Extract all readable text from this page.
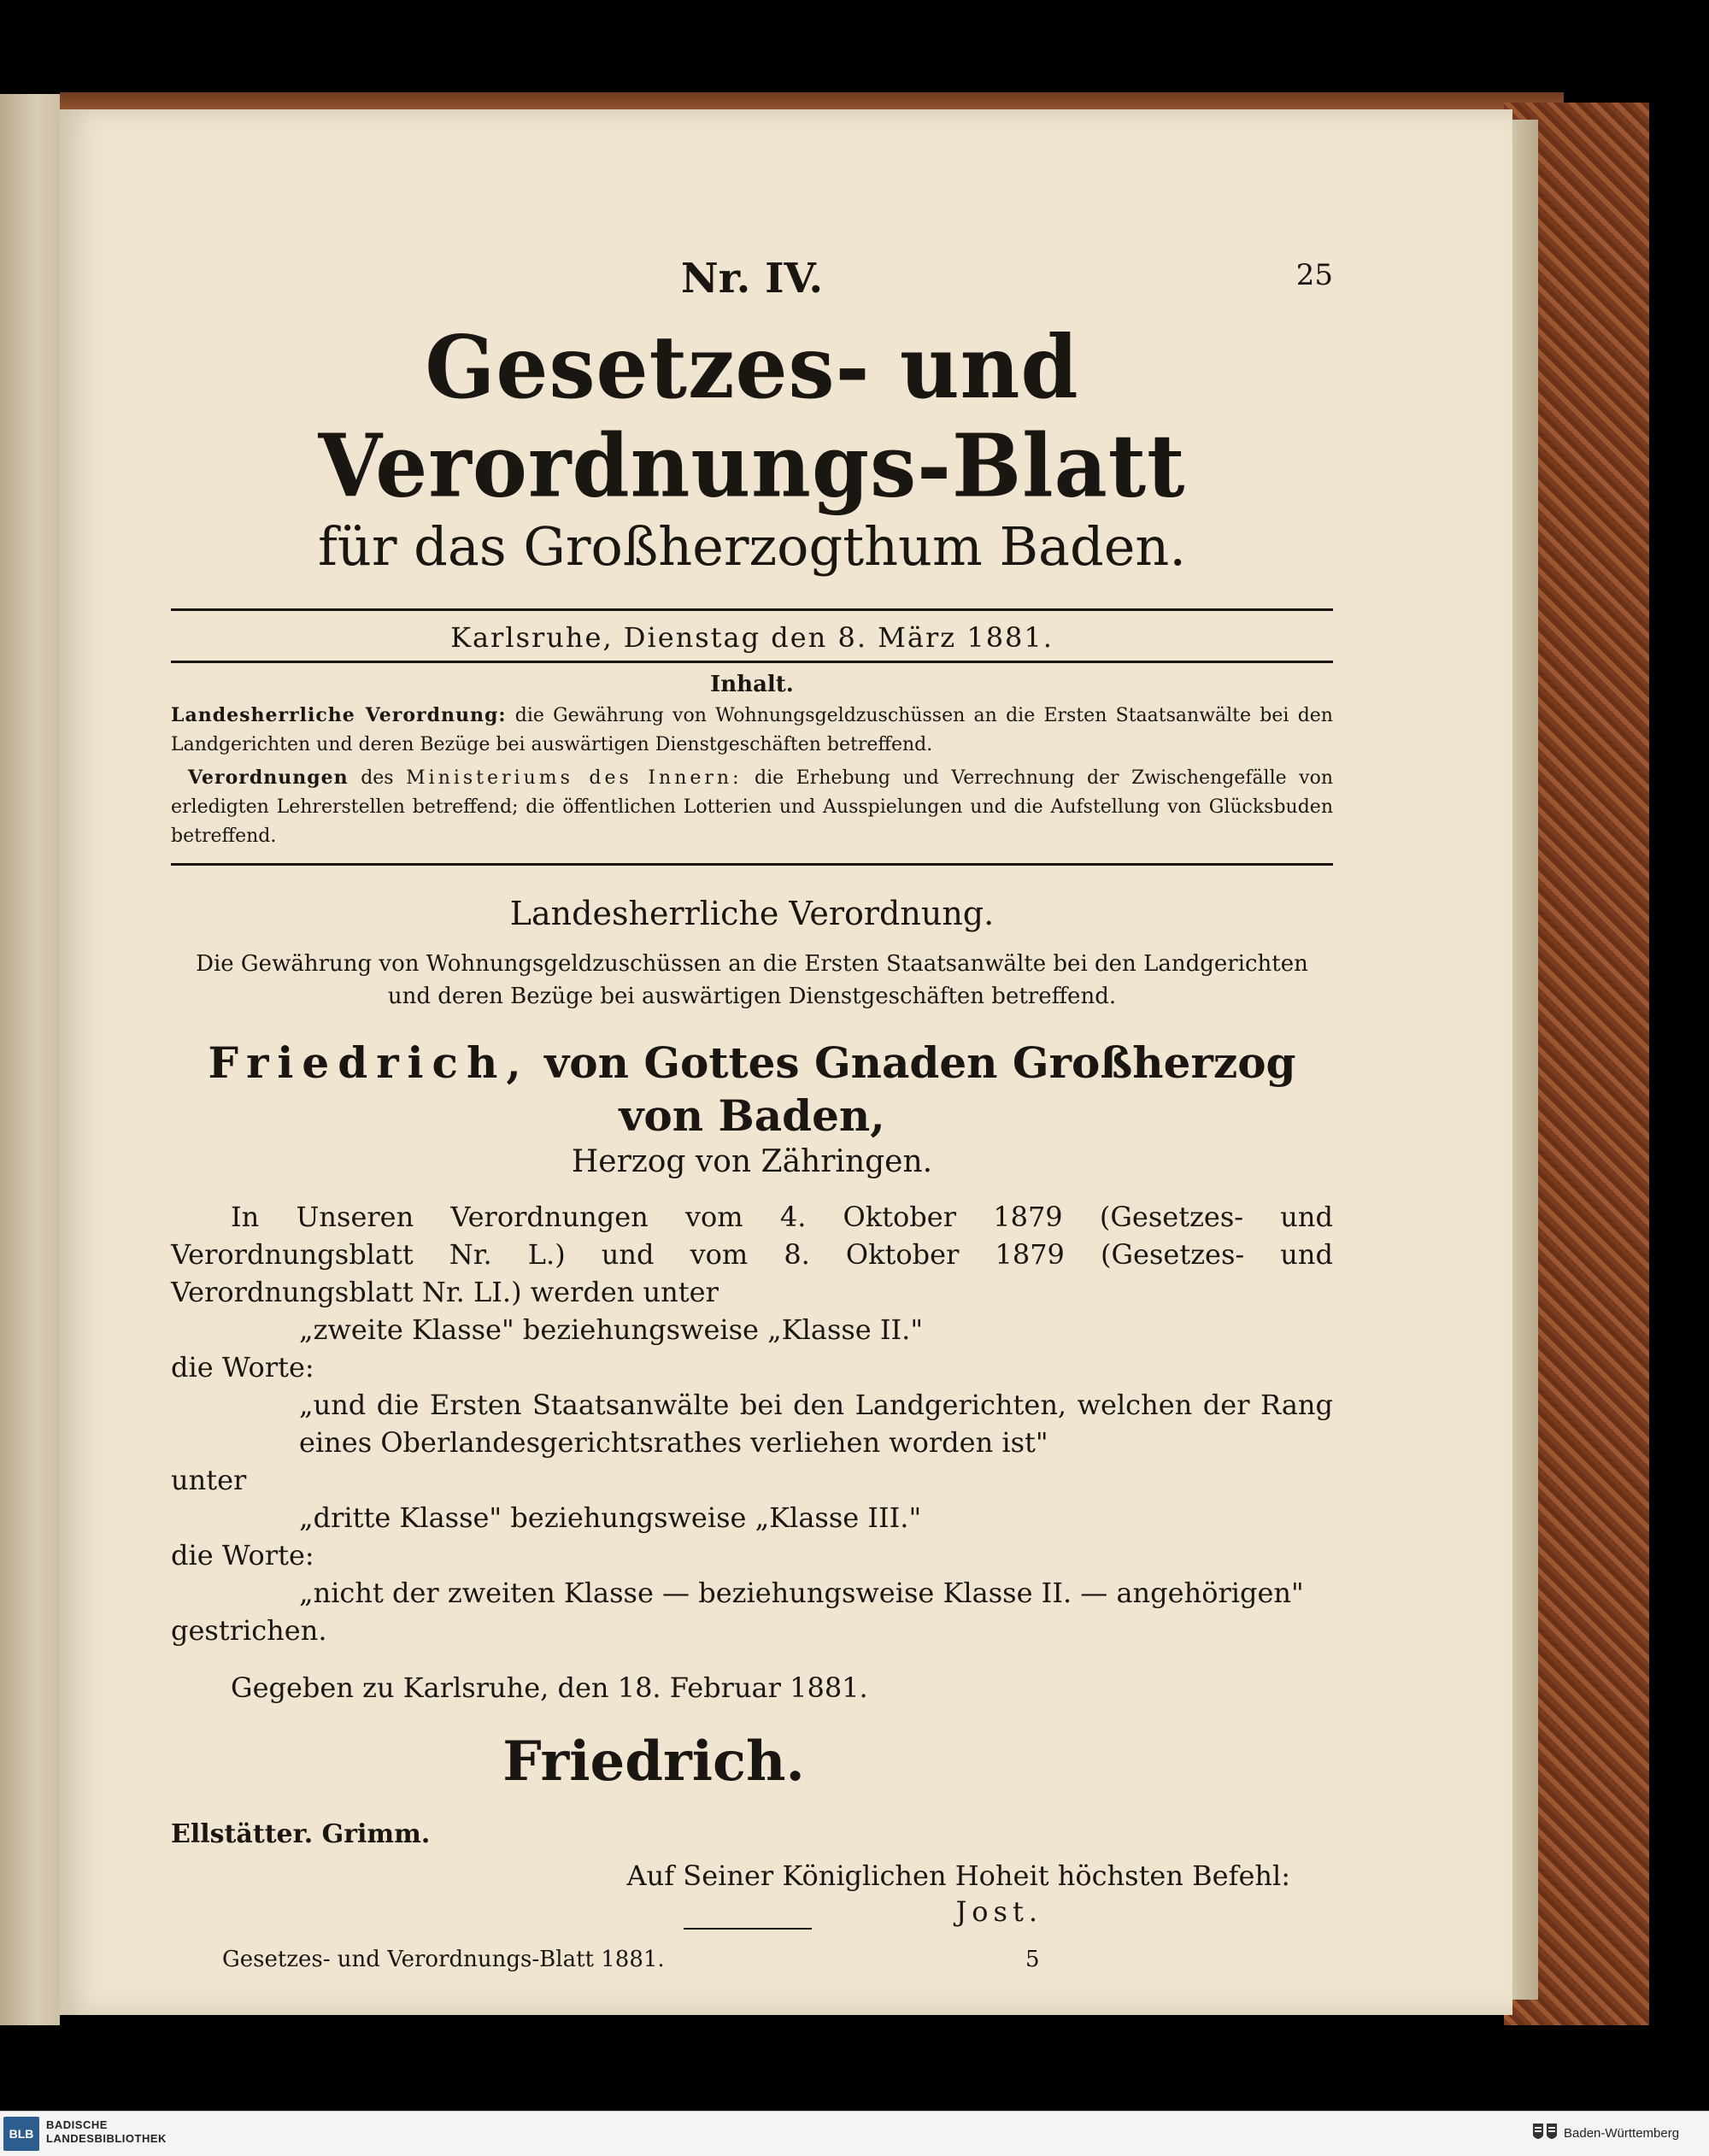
Nr. IV.	25
Gesetzes- und Verordnungs-Blatt
für das Großherzogthum Baden.
Karlsruhe, Dienstag den 8. März 1881.
Inhalt.

Landesherrliche Verordnung: die Gewährung von Wohnungsgeldzuschüssen an die Ersten Staatsanwälte bei den Landgerichten und deren Bezüge bei auswärtigen Dienstgeschäften betreffend.

Verordnungen des Ministeriums des Innern: die Erhebung und Verrechnung der Zwischengefälle von erledigten Lehrerstellen betreffend; die öffentlichen Lotterien und Ausspielungen und die Aufstellung von Glücksbuden betreffend.

Landesherrliche Verordnung.
Die Gewährung von Wohnungsgeldzuschüssen an die Ersten Staatsanwälte bei den Landgerichten und deren Bezüge bei auswärtigen Dienstgeschäften betreffend.
Friedrich, von Gottes Gnaden Großherzog von Baden,
Herzog von Zähringen.
In Unseren Verordnungen vom 4. Oktober 1879 (Gesetzes- und Verordnungsblatt Nr. L.) und vom 8. Oktober 1879 (Gesetzes- und Verordnungsblatt Nr. LI.) werden unter
„zweite Klasse" beziehungsweise „Klasse II."
die Worte:
„und die Ersten Staatsanwälte bei den Landgerichten, welchen der Rang eines Oberlandesgerichtsrathes verliehen worden ist"
unter
„dritte Klasse" beziehungsweise „Klasse III."
die Worte:
„nicht der zweiten Klasse — beziehungsweise Klasse II. — angehörigen"
gestrichen.
Gegeben zu Karlsruhe, den 18. Februar 1881.
Friedrich.
Ellstätter. Grimm.
Auf Seiner Königlichen Hoheit höchsten Befehl:
Jost.
Gesetzes- und Verordnungs-Blatt 1881.	5
BLB
BADISCHE
LANDESBIBLIOTHEK	Baden-Württemberg
